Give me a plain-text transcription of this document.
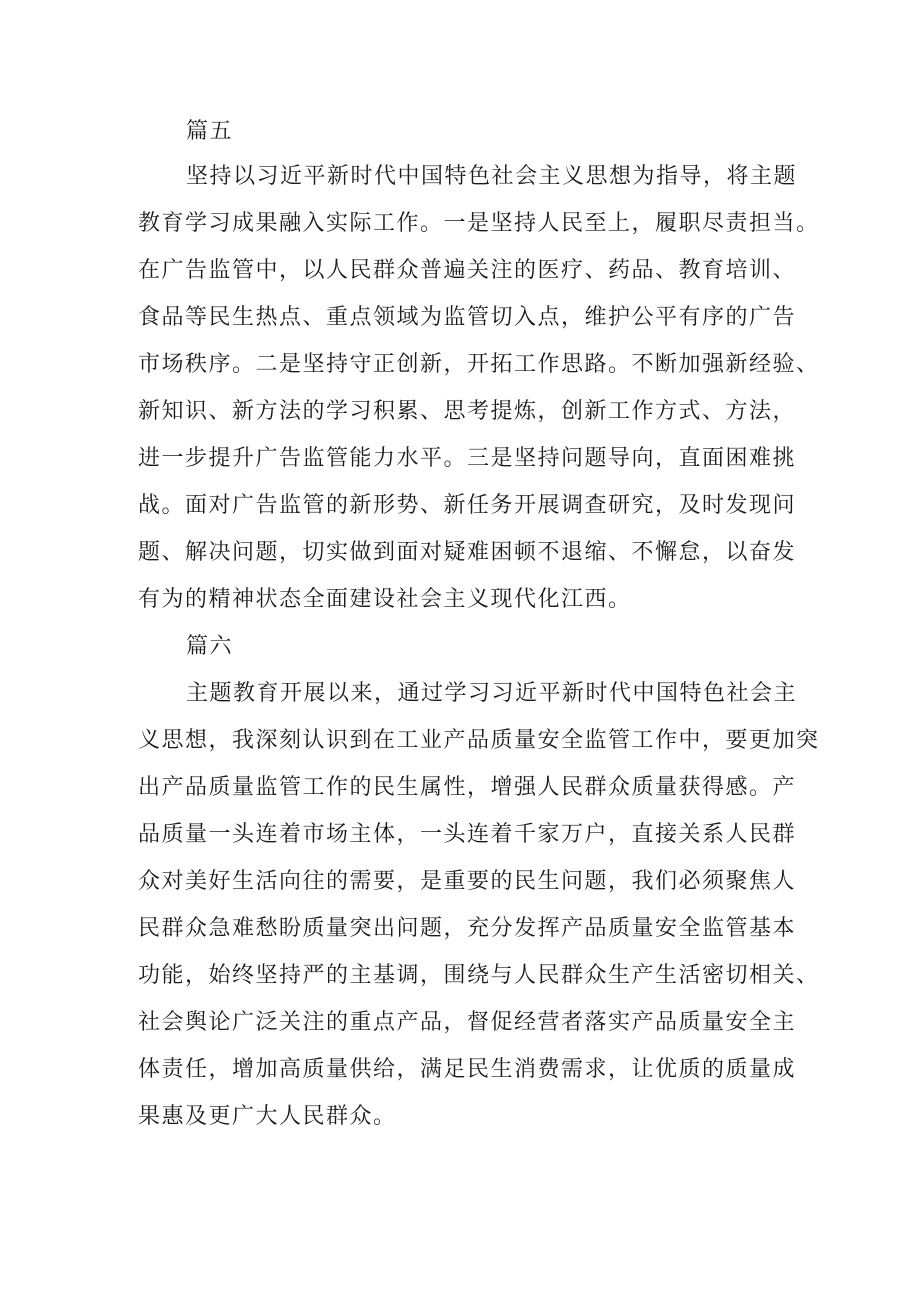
篇五
坚持以习近平新时代中国特色社会主义思想为指导，将主题
教育学习成果融入实际工作。一是坚持人民至上，履职尽责担当。
在广告监管中，以人民群众普遍关注的医疗、药品、教育培训、
食品等民生热点、重点领域为监管切入点，维护公平有序的广告
市场秩序。二是坚持守正创新，开拓工作思路。不断加强新经验、
新知识、新方法的学习积累、思考提炼，创新工作方式、方法，
进一步提升广告监管能力水平。三是坚持问题导向，直面困难挑
战。面对广告监管的新形势、新任务开展调查研究，及时发现问
题、解决问题，切实做到面对疑难困顿不退缩、不懈怠，以奋发
有为的精神状态全面建设社会主义现代化江西。
篇六
主题教育开展以来，通过学习习近平新时代中国特色社会主
义思想，我深刻认识到在工业产品质量安全监管工作中，要更加突
出产品质量监管工作的民生属性，增强人民群众质量获得感。产
品质量一头连着市场主体，一头连着千家万户，直接关系人民群
众对美好生活向往的需要，是重要的民生问题，我们必须聚焦人
民群众急难愁盼质量突出问题，充分发挥产品质量安全监管基本
功能，始终坚持严的主基调，围绕与人民群众生产生活密切相关、
社会舆论广泛关注的重点产品，督促经营者落实产品质量安全主
体责任，增加高质量供给，满足民生消费需求，让优质的质量成
果惠及更广大人民群众。
